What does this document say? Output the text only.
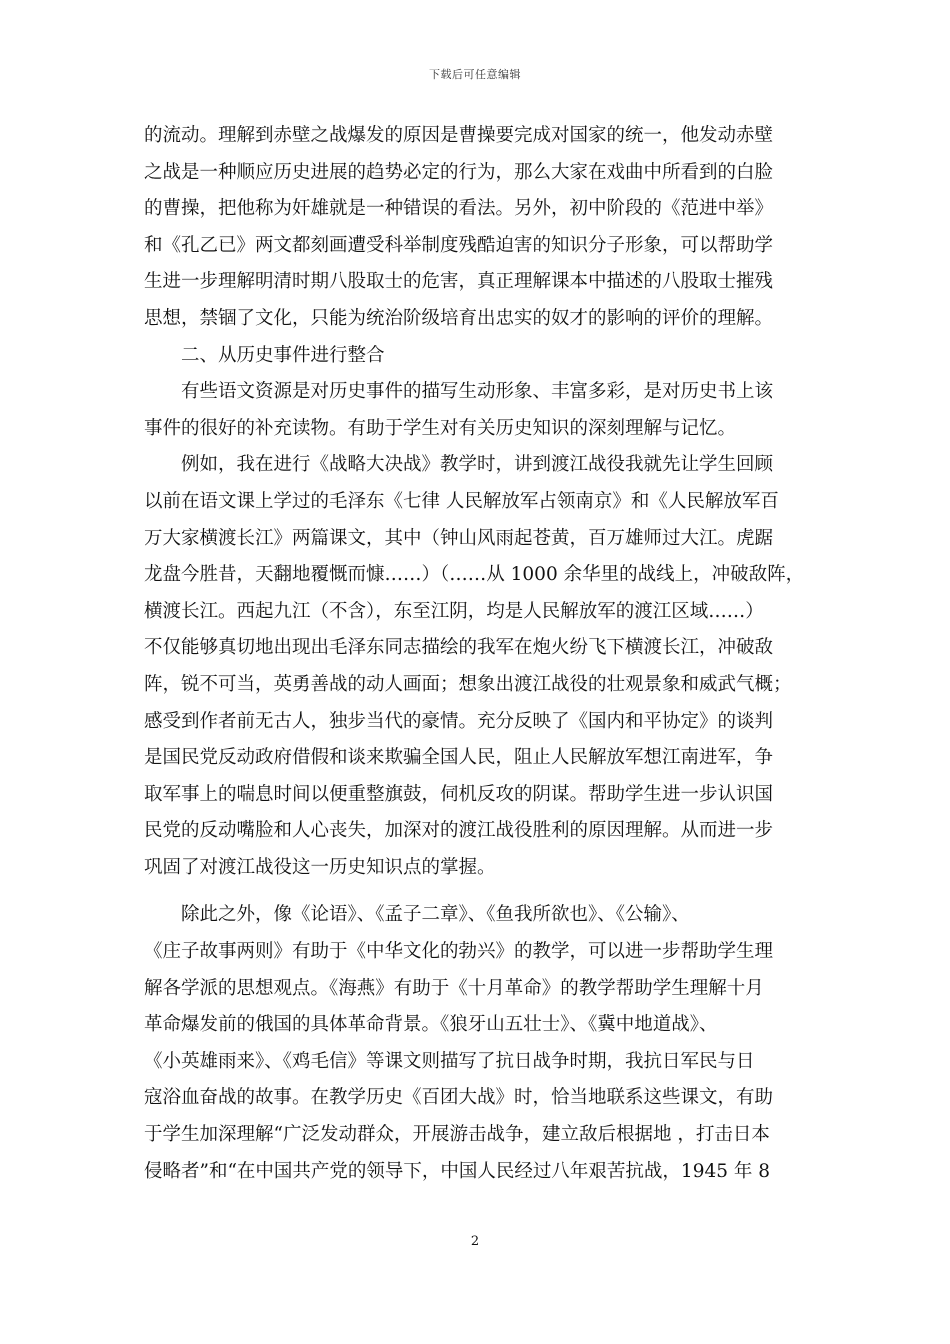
下载后可任意编辑
的流动。理解到赤壁之战爆发的原因是曹操要完成对国家的统一，他发动赤壁
之战是一种顺应历史进展的趋势必定的行为，那么大家在戏曲中所看到的白脸
的曹操，把他称为奸雄就是一种错误的看法。另外，初中阶段的《范进中举》
和《孔乙已》两文都刻画遭受科举制度残酷迫害的知识分子形象，可以帮助学
生进一步理解明清时期八股取士的危害，真正理解课本中描述的八股取士摧残
思想，禁锢了文化，只能为统治阶级培育出忠实的奴才的影响的评价的理解。
　　二、从历史事件进行整合
　　有些语文资源是对历史事件的描写生动形象、丰富多彩，是对历史书上该
事件的很好的补充读物。有助于学生对有关历史知识的深刻理解与记忆。
　　例如，我在进行《战略大决战》教学时，讲到渡江战役我就先让学生回顾
以前在语文课上学过的毛泽东《七律 人民解放军占领南京》和《人民解放军百
万大家横渡长江》两篇课文，其中（钟山风雨起苍黄，百万雄师过大江。虎踞
龙盘今胜昔，天翻地覆慨而慷……）（……从 1000 余华里的战线上，冲破敌阵，
横渡长江。西起九江（不含），东至江阴，均是人民解放军的渡江区域……）
不仅能够真切地出现出毛泽东同志描绘的我军在炮火纷飞下横渡长江，冲破敌
阵，锐不可当，英勇善战的动人画面；想象出渡江战役的壮观景象和威武气概；
感受到作者前无古人，独步当代的豪情。充分反映了《国内和平协定》的谈判
是国民党反动政府借假和谈来欺骗全国人民，阻止人民解放军想江南进军，争
取军事上的喘息时间以便重整旗鼓，伺机反攻的阴谋。帮助学生进一步认识国
民党的反动嘴脸和人心丧失，加深对的渡江战役胜利的原因理解。从而进一步
巩固了对渡江战役这一历史知识点的掌握。
　　除此之外，像《论语》、《孟子二章》、《鱼我所欲也》、《公输》、
《庄子故事两则》有助于《中华文化的勃兴》的教学，可以进一步帮助学生理
解各学派的思想观点。《海燕》有助于《十月革命》的教学帮助学生理解十月
革命爆发前的俄国的具体革命背景。《狼牙山五壮士》、《冀中地道战》、
《小英雄雨来》、《鸡毛信》等课文则描写了抗日战争时期，我抗日军民与日
寇浴血奋战的故事。在教学历史《百团大战》时，恰当地联系这些课文，有助
于学生加深理解“广泛发动群众，开展游击战争，建立敌后根据地 ，打击日本
侵略者”和“在中国共产党的领导下，中国人民经过八年艰苦抗战，1945 年 8
2
